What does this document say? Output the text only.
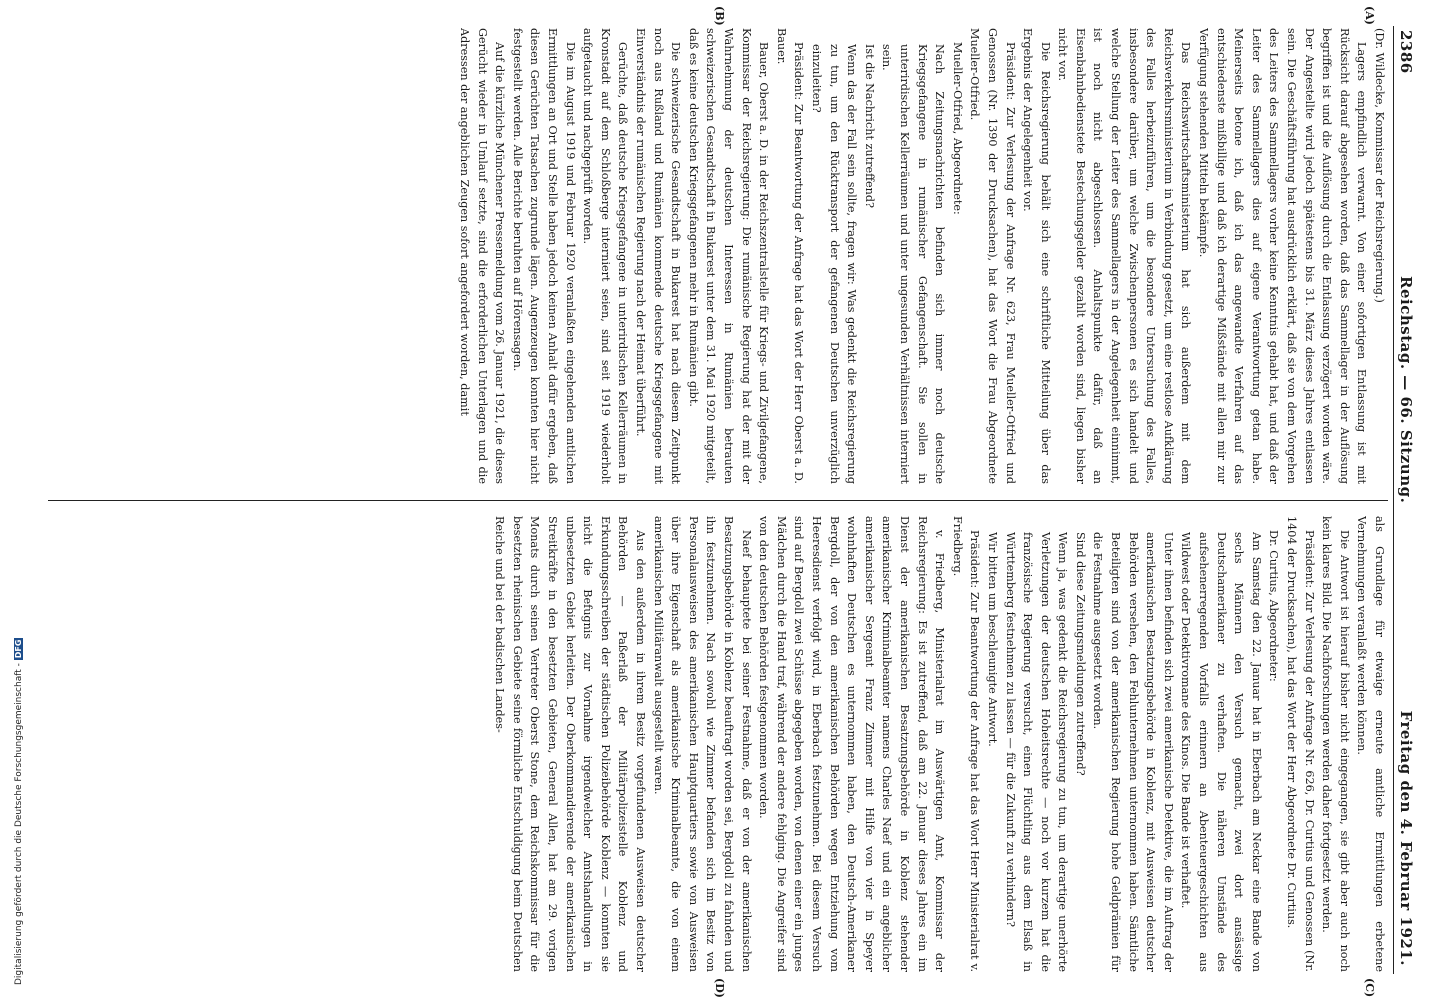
2386
Reichstag. — 66. Sitzung.
Freitag den 4. Februar 1921.
(A)
(B)
(C)
(D)

(Dr. Wildecke, Kommissar der Reichsregierung.)

Lagers empfindlich verwarnt. Von einer sofortigen Entlassung ist mit Rücksicht darauf abgesehen worden, daß das Sammellager in der Auflösung begriffen ist und die Auflösung durch die Entlassung verzögert worden wäre. Der Angestellte wird jedoch spätestens bis 31. März dieses Jahres entlassen sein. Die Geschäftsführung hat ausdrücklich erklärt, daß sie von dem Vorgehen des Leiters des Sammellagers vorher keine Kenntnis gehabt hat, und daß der Leiter des Sammellagers dies auf eigene Verantwortung getan habe. Meinerseits betone ich, daß ich das angewandte Verfahren auf das entschiedenste mißbillige und daß ich derartige Mißstände mit allen mir zur Verfügung stehenden Mitteln bekämpfe.

Das Reichswirtschaftsministerium hat sich außerdem mit dem Reichsverkehrsministerium in Verbindung gesetzt, um eine restlose Aufklärung des Falles herbeizuführen, um die besondere Untersuchung des Falles, insbesondere darüber, um welche Zwischenpersonen es sich handelt und welche Stellung der Leiter des Sammellagers in der Angelegenheit einnimmt, ist noch nicht abgeschlossen. Anhaltspunkte dafür, daß an Eisenbahnbedienstete Bestechungsgelder gezahlt worden sind, liegen bisher nicht vor.

Die Reichsregierung behält sich eine schriftliche Mitteilung über das Ergebnis der Angelegenheit vor.

Präsident: Zur Verlesung der Anfrage Nr. 623, Frau Mueller-Otfried und Genossen (Nr. 1390 der Drucksachen), hat das Wort die Frau Abgeordnete Mueller-Otfried.

Mueller-Otfried, Abgeordnete:

Nach Zeitungsnachrichten befinden sich immer noch deutsche Kriegsgefangene in rumänischer Gefangenschaft. Sie sollen in unterirdischen Kellerräumen und unter ungesunden Verhältnissen interniert sein.

Ist die Nachricht zutreffend?

Wenn das der Fall sein sollte, fragen wir: Was gedenkt die Reichsregierung zu tun, um den Rücktransport der gefangenen Deutschen unverzüglich einzuleiten?

Präsident: Zur Beantwortung der Anfrage hat das Wort der Herr Oberst a. D. Bauer.

Bauer, Oberst a. D. in der Reichszentralstelle für Kriegs- und Zivilgefangene, Kommissar der Reichsregierung: Die rumänische Regierung hat der mit der Wahrnehmung der deutschen Interessen in Rumänien betrauten schweizerischen Gesandtschaft in Bukarest unter dem 31. Mai 1920 mitgeteilt, daß es keine deutschen Kriegsgefangenen mehr in Rumänien gibt.

Die schweizerische Gesandtschaft in Bukarest hat nach diesem Zeitpunkt noch aus Rußland und Rumänien kommende deutsche Kriegsgefangene mit Einverständnis der rumänischen Regierung nach der Heimat überführt.

Gerüchte, daß deutsche Kriegsgefangene in unterirdischen Kellerräumen in Kronstadt auf dem Schloßberge interniert seien, sind seit 1919 wiederholt aufgetaucht und nachgeprüft worden.

Die im August 1919 und Februar 1920 veranlaßten eingehenden amtlichen Ermittlungen an Ort und Stelle haben jedoch keinen Anhalt dafür ergeben, daß diesen Gerüchten Tatsachen zugrunde lägen. Augenzeugen konnten hier nicht festgestellt werden. Alle Berichte beruhten auf Hörensagen.

Auf die kürzliche Münchener Pressemeldung vom 26. Januar 1921, die dieses Gerücht wieder in Umlauf setzte, sind die erforderlichen Unterlagen und die Adressen der angeblichen Zeugen sofort angefordert worden, damit

als Grundlage für etwaige erneute amtliche Ermittlungen erbetene Vernehmungen veranlaßt werden können.

Die Antwort ist hierauf bisher nicht eingegangen, sie gibt aber auch noch kein klares Bild. Die Nachforschungen werden daher fortgesetzt werden.

Präsident: Zur Verlesung der Anfrage Nr. 626, Dr. Curtius und Genossen (Nr. 1404 der Drucksachen), hat das Wort der Herr Abgeordnete Dr. Curtius.

Dr. Curtius, Abgeordneter:

Am Samstag den 22. Januar hat in Eberbach am Neckar eine Bande von sechs Männern den Versuch gemacht, zwei dort ansässige Deutschamerikaner zu verhaften. Die näheren Umstände des aufsehenerregenden Vorfalls erinnern an Abenteuergeschichten aus Wildwest oder Detektivromane des Kinos. Die Bande ist verhaftet.

Unter ihnen befinden sich zwei amerikanische Detektive, die im Auftrag der amerikanischen Besatzungsbehörde in Koblenz, mit Ausweisen deutscher Behörden versehen, den Fehlunternehmen unternommen haben. Sämtliche Beteiligten sind von der amerikanischen Regierung hohe Geldprämien für die Festnahme ausgesetzt worden.

Sind diese Zeitungsmeldungen zutreffend?

Wenn ja, was gedenkt die Reichsregierung zu tun, um derartige unerhörte Verletzungen der deutschen Hoheitsrechte — noch vor kurzem hat die französische Regierung versucht, einen Flüchtling aus dem Elsaß in Württemberg festnehmen zu lassen — für die Zukunft zu verhindern?

Wir bitten um beschleunigte Antwort.

Präsident: Zur Beantwortung der Anfrage hat das Wort Herr Ministerialrat v. Friedberg.

v. Friedberg, Ministerialrat im Auswärtigen Amt, Kommissar der Reichsregierung: Es ist zutreffend, daß am 22. Januar dieses Jahres ein im Dienst der amerikanischen Besatzungsbehörde in Koblenz stehender amerikanischer Kriminalbeamter namens Charles Naef und ein angeblicher amerikanischer Sergeant Franz Zimmer mit Hilfe von vier in Speyer wohnhaften Deutschen es unternommen haben, den Deutsch-Amerikaner Bergdoll, der von den amerikanischen Behörden wegen Entziehung vom Heeresdienst verfolgt wird, in Eberbach festzunehmen. Bei diesem Versuch sind auf Bergdoll zwei Schüsse abgegeben worden, von denen einer ein junges Mädchen durch die Hand traf, während der andere fehlging. Die Angreifer sind von den deutschen Behörden festgenommen worden.

Naef behauptete bei seiner Festnahme, daß er von der amerikanischen Besatzungsbehörde in Koblenz beauftragt worden sei, Bergdoll zu fahnden und ihn festzunehmen. Nach sowohl wie Zimmer befanden sich im Besitz von Personalausweisen des amerikanischen Hauptquartiers sowie von Ausweisen über ihre Eigenschaft als amerikanische Kriminalbeamte, die von einem amerikanischen Militäranwalt ausgestellt waren.

Aus den außerdem in ihrem Besitz vorgefundenen Ausweisen deutscher Behörden — Paßerlaß der Militärpolizeistelle Koblenz und Erkundungsschreiben der städtischen Polizeibehörde Koblenz — konnten sie nicht die Befugnis zur Vornahme irgendwelcher Amtshandlungen in unbesetzten Gebiet herleiten. Der Oberkommandierende der amerikanischen Streitkräfte in den besetzten Gebieten, General Allen, hat am 29. vorigen Monats durch seinen Vertreter Oberst Stone, dem Reichskommissar für die besetzten rheinischen Gebiete seine förmliche Entschuldigung beim Deutschen Reiche und bei der badischen Landes-

Digitalisierung gefördert durch die Deutsche Forschungsgemeinschaft - DFG
